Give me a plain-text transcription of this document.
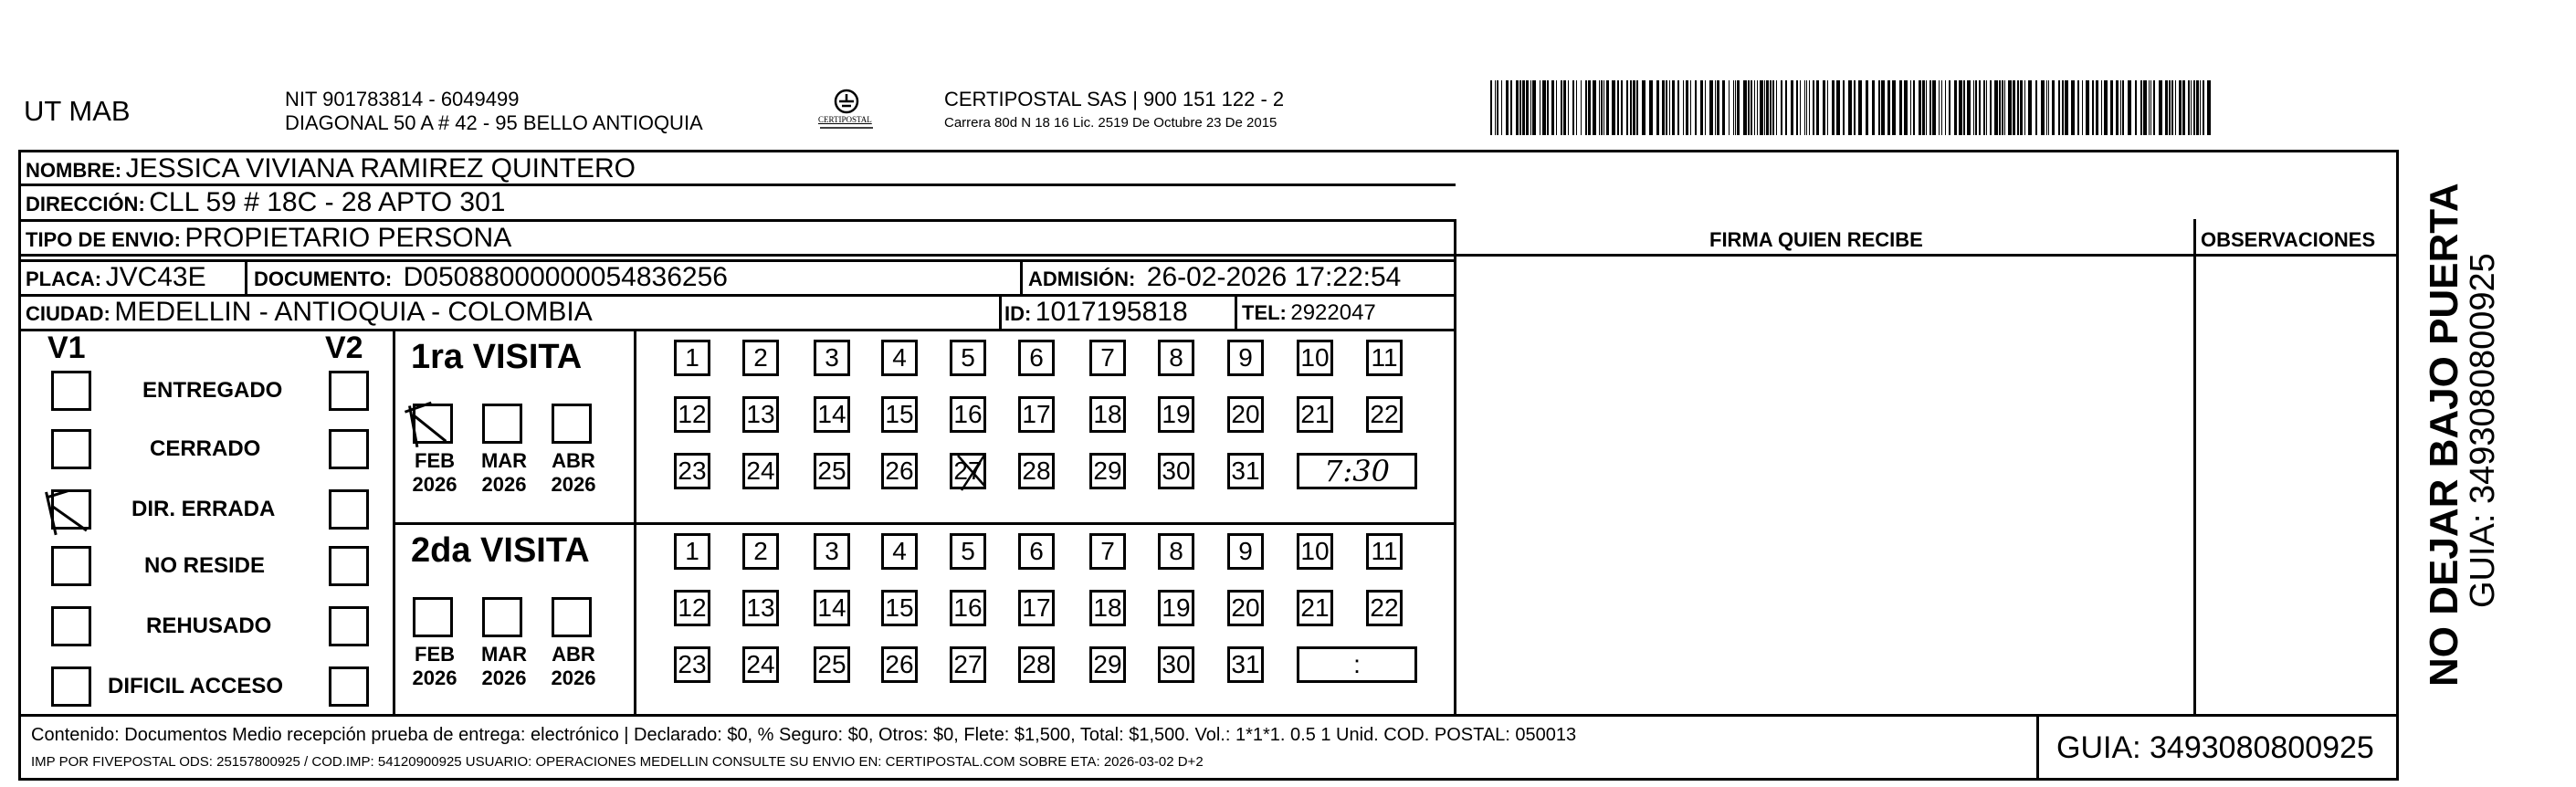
UT MAB	NIT 901783814 - 6049499
DIAGONAL 50 A # 42 - 95 BELLO ANTIOQUIA	CERTIPOSTAL
CERTIPOSTAL SAS | 900 151 122 - 2
Carrera 80d N 18 16 Lic. 2519 De Octubre 23 De 2015
NOMBRE: JESSICA VIVIANA RAMIREZ QUINTERO
DIRECCIÓN: CLL 59 # 18C - 28 APTO 301
TIPO DE ENVIO: PROPIETARIO PERSONA	FIRMA QUIEN RECIBE	OBSERVACIONES
PLACA: JVC43E DOCUMENTO: D05088000000054836256	ADMISIÓN: 26-02-2026 17:22:54
CIUDAD: MEDELLIN - ANTIOQUIA - COLOMBIA	ID: 1017195818	TEL: 2922047
V1	V2
ENTREGADO
CERRADO
DIR. ERRADA
NO RESIDE
REHUSADO
DIFICIL ACCESO
1ra VISITA
FEB
2026
MAR
2026
ABR
2026
1	2	3	4	5	6	7	8	9	10 11
12 13 14 15 16 17 18 19 20 21 22
23 24 25 26 27 28 29 30 31	7:30
2da VISITA
FEB
2026
MAR
2026
ABR
2026
1	2	3	4	5	6	7	8	9	10 11
12 13 14 15 16 17 18 19 20 21 22
23 24 25 26 27 28 29 30 31	:
Contenido: Documentos Medio recepción prueba de entrega: electrónico | Declarado: $0, % Seguro: $0, Otros: $0, Flete: $1,500, Total: $1,500. Vol.: 1*1*1. 0.5 1 Unid. COD. POSTAL: 050013
IMP POR FIVEPOSTAL ODS: 25157800925 / COD.IMP: 54120900925 USUARIO: OPERACIONES MEDELLIN CONSULTE SU ENVIO EN: CERTIPOSTAL.COM SOBRE ETA: 2026-03-02 D+2	GUIA: 3493080800925
NO DEJAR BAJO PUERTA
GUIA: 3493080800925
